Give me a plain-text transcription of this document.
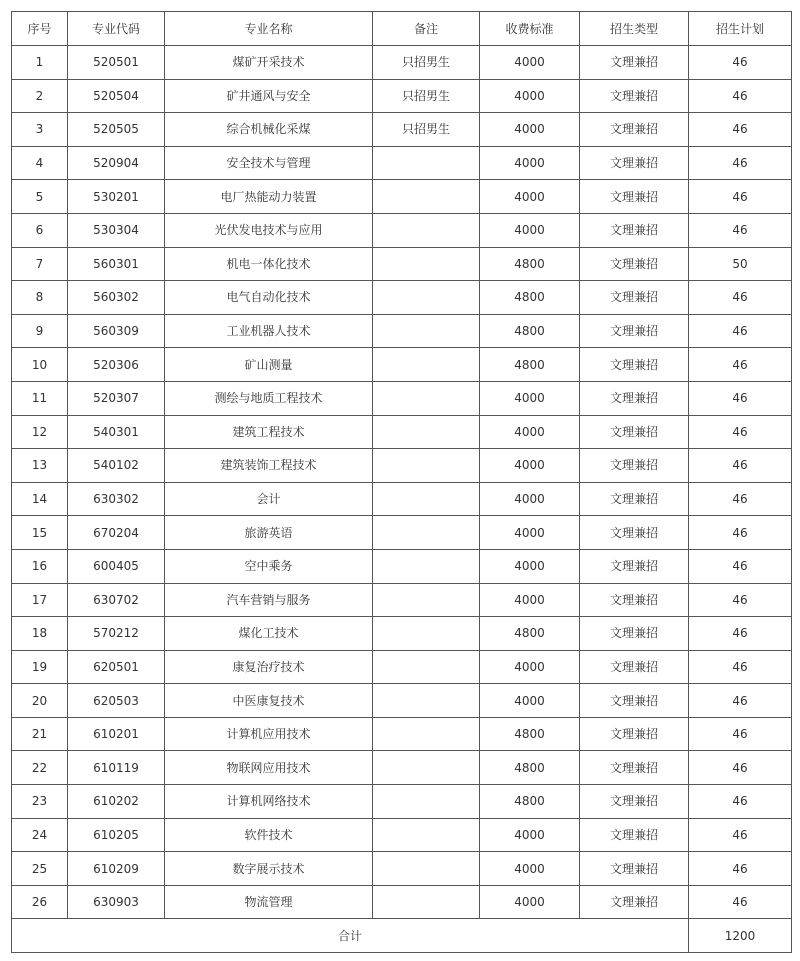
序号	专业代码	专业名称	备注	收费标准	招生类型	招生计划
1	520501	煤矿开采技术	只招男生	4000	文理兼招	46
2	520504	矿井通风与安全	只招男生	4000	文理兼招	46
3	520505	综合机械化采煤	只招男生	4000	文理兼招	46
4	520904	安全技术与管理		4000	文理兼招	46
5	530201	电厂热能动力装置		4000	文理兼招	46
6	530304	光伏发电技术与应用		4000	文理兼招	46
7	560301	机电一体化技术		4800	文理兼招	50
8	560302	电气自动化技术		4800	文理兼招	46
9	560309	工业机器人技术		4800	文理兼招	46
10	520306	矿山测量		4800	文理兼招	46
11	520307	测绘与地质工程技术		4000	文理兼招	46
12	540301	建筑工程技术		4000	文理兼招	46
13	540102	建筑装饰工程技术		4000	文理兼招	46
14	630302	会计		4000	文理兼招	46
15	670204	旅游英语		4000	文理兼招	46
16	600405	空中乘务		4000	文理兼招	46
17	630702	汽车营销与服务		4000	文理兼招	46
18	570212	煤化工技术		4800	文理兼招	46
19	620501	康复治疗技术		4000	文理兼招	46
20	620503	中医康复技术		4000	文理兼招	46
21	610201	计算机应用技术		4800	文理兼招	46
22	610119	物联网应用技术		4800	文理兼招	46
23	610202	计算机网络技术		4800	文理兼招	46
24	610205	软件技术		4000	文理兼招	46
25	610209	数字展示技术		4000	文理兼招	46
26	630903	物流管理		4000	文理兼招	46
合计						1200
